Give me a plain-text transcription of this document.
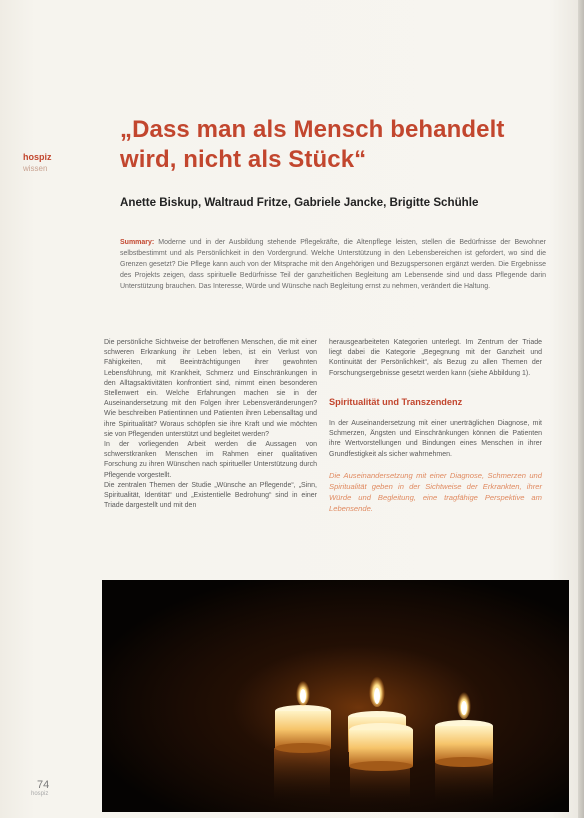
hospiz
wissen
„Dass man als Mensch behandelt wird, nicht als Stück“
Anette Biskup, Waltraud Fritze, Gabriele Jancke, Brigitte Schühle
Summary: Moderne und in der Ausbildung stehende Pflegekräfte, die Altenpflege leisten, stellen die Bedürfnisse der Bewohner selbstbestimmt und als Persönlichkeit in den Vordergrund. Welche Unterstützung in den Lebensbereichen ist gefordert, wo sind die Grenzen gesetzt? Die Pflege kann auch von der Mitsprache mit den Angehörigen und Bezugspersonen ergänzt werden. Die Ergebnisse des Projekts zeigen, dass spirituelle Bedürfnisse Teil der ganzheitlichen Begleitung am Lebensende sind und dass Pflegende darin Unterstützung brauchen. Das Interesse, Würde und Wünsche nach Begleitung ernst zu nehmen, verändert die Haltung.

Die persönliche Sichtweise der betroffenen Menschen, die mit einer schweren Erkrankung ihr Leben leben, ist ein Verlust von Fähigkeiten, mit Beeinträchtigungen ihrer gewohnten Lebensführung, mit Krankheit, Schmerz und Einschränkungen in den Alltagsaktivitäten konfrontiert sind, nimmt einen besonderen Stellenwert ein. Welche Erfahrungen machen sie in der Auseinandersetzung mit den Folgen ihrer Lebensveränderungen? Wie beschreiben Patientinnen und Patienten ihren Lebensalltag und ihre Spiritualität? Woraus schöpfen sie ihre Kraft und wie möchten sie von Pflegenden unterstützt und begleitet werden?

In der vorliegenden Arbeit werden die Aussagen von schwerstkranken Menschen im Rahmen einer qualitativen Forschung zu ihren Wünschen nach spiritueller Unterstützung durch Pflegende vorgestellt.

Die zentralen Themen der Studie „Wünsche an Pflegende“, „Sinn, Spiritualität, Identität“ und „Existentielle Bedrohung“ sind in einer Triade dargestellt und mit den

herausgearbeiteten Kategorien unterlegt. Im Zentrum der Triade liegt dabei die Kategorie „Begegnung mit der Ganzheit und Kontinuität der Persönlichkeit“, als Bezug zu allen Themen der Forschungsergebnisse gesetzt werden kann (siehe Abbildung 1).

Spiritualität und Transzendenz

In der Auseinandersetzung mit einer unerträglichen Diagnose, mit Schmerzen, Ängsten und Einschränkungen können die Patienten ihre Wertvorstellungen und Bindungen eines Menschen in ihrer Grundfestigkeit als sicher wahrnehmen.

Die Auseinandersetzung mit einer Diagnose, Schmerzen und Spiritualität geben in der Sichtweise der Erkrankten, ihrer Würde und Begleitung, eine tragfähige Perspektive am Lebensende.
74
hospiz
